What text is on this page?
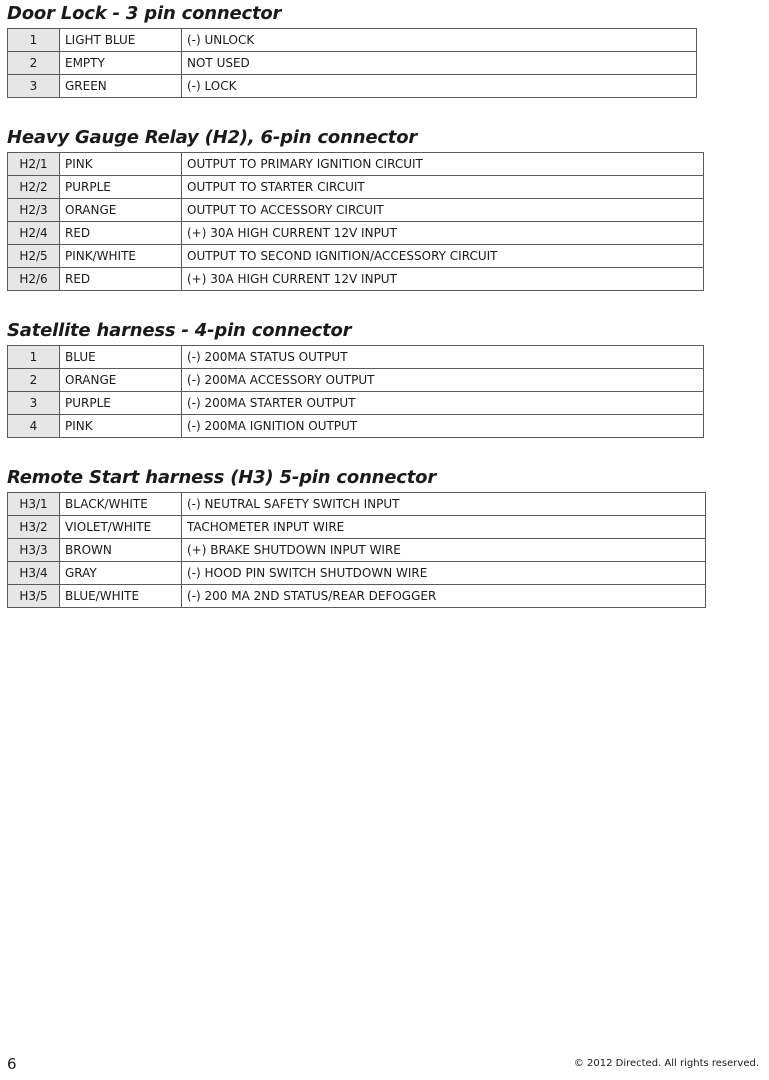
Door Lock - 3 pin connector
1	LIGHT BLUE	(-) UNLOCK
2	EMPTY	NOT USED
3	GREEN	(-) LOCK
Heavy Gauge Relay (H2), 6-pin connector
H2/1	PINK	OUTPUT TO PRIMARY IGNITION CIRCUIT
H2/2	PURPLE	OUTPUT TO STARTER CIRCUIT
H2/3	ORANGE	OUTPUT TO ACCESSORY CIRCUIT
H2/4	RED	(+) 30A HIGH CURRENT 12V INPUT
H2/5	PINK/WHITE	OUTPUT TO SECOND IGNITION/ACCESSORY CIRCUIT
H2/6	RED	(+) 30A HIGH CURRENT 12V INPUT
Satellite harness - 4-pin connector
1	BLUE	(-) 200MA STATUS OUTPUT
2	ORANGE	(-) 200MA ACCESSORY OUTPUT
3	PURPLE	(-) 200MA STARTER OUTPUT
4	PINK	(-) 200MA IGNITION OUTPUT
Remote Start harness (H3) 5-pin connector
H3/1	BLACK/WHITE	(-) NEUTRAL SAFETY SWITCH INPUT
H3/2	VIOLET/WHITE	TACHOMETER INPUT WIRE
H3/3	BROWN	(+) BRAKE SHUTDOWN INPUT WIRE
H3/4	GRAY	(-) HOOD PIN SWITCH SHUTDOWN WIRE
H3/5	BLUE/WHITE	(-) 200 MA 2ND STATUS/REAR DEFOGGER
6	© 2012 Directed. All rights reserved.
